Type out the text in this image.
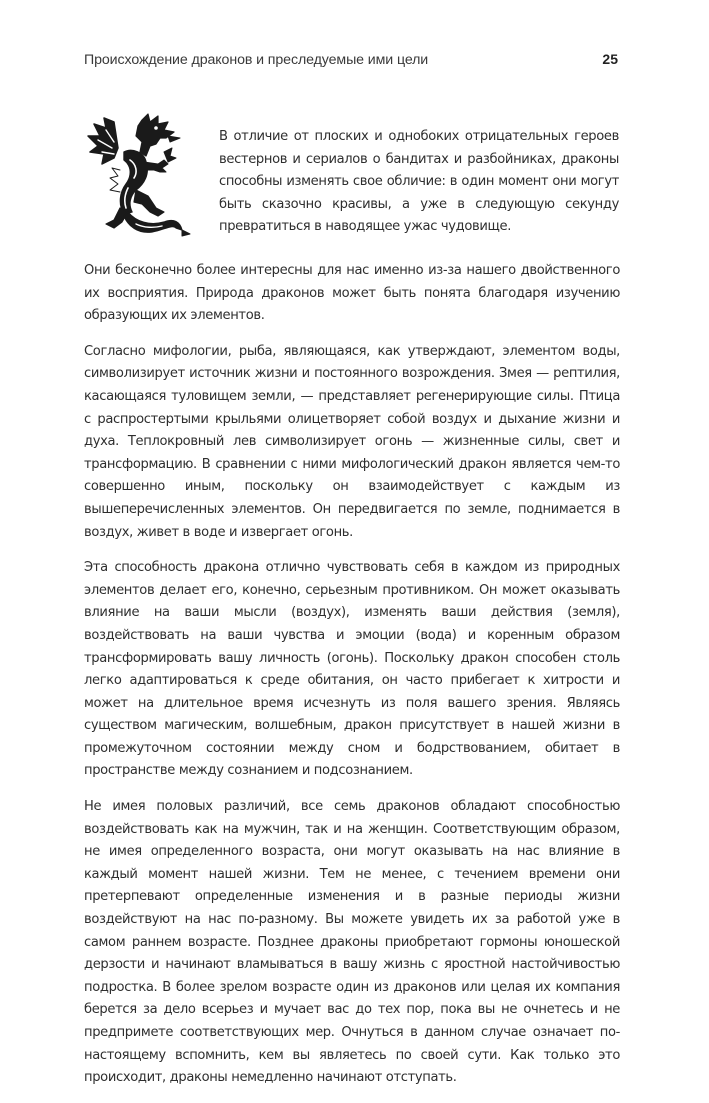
Происхождение драконов и преследуемые ими цели	25
В отличие от плоских и однобоких отрицательных героев вестернов и сериалов о бандитах и разбойниках, драконы способны изменять свое обличие: в один момент они могут быть сказочно красивы, а уже в следующую секунду превратиться в наводящее ужас чудовище.

Они бесконечно более интересны для нас именно из-за нашего двойственного их восприятия. Природа драконов может быть понята благодаря изучению образующих их элементов.

Согласно мифологии, рыба, являющаяся, как утверждают, элементом воды, символизирует источник жизни и постоянного возрождения. Змея — рептилия, касающаяся туловищем земли, — представляет регенерирующие силы. Птица с распростертыми крыльями олицетворяет собой воздух и дыхание жизни и духа. Теплокровный лев символизирует огонь — жизненные силы, свет и трансформацию. В сравнении с ними мифологический дракон является чем-то совершенно иным, поскольку он взаимодействует с каждым из вышеперечисленных элементов. Он передвигается по земле, поднимается в воздух, живет в воде и извергает огонь.

Эта способность дракона отлично чувствовать себя в каждом из природных элементов делает его, конечно, серьезным противником. Он может оказывать влияние на ваши мысли (воздух), изменять ваши действия (земля), воздействовать на ваши чувства и эмоции (вода) и коренным образом трансформировать вашу личность (огонь). Поскольку дракон способен столь легко адаптироваться к среде обитания, он часто прибегает к хитрости и может на длительное время исчезнуть из поля вашего зрения. Являясь существом магическим, волшебным, дракон присутствует в нашей жизни в промежуточном состоянии между сном и бодрствованием, обитает в пространстве между сознанием и подсознанием.

Не имея половых различий, все семь драконов обладают способностью воздействовать как на мужчин, так и на женщин. Соответствующим образом, не имея определенного возраста, они могут оказывать на нас влияние в каждый момент нашей жизни. Тем не менее, с течением времени они претерпевают определенные изменения и в разные периоды жизни воздействуют на нас по-разному. Вы можете увидеть их за работой уже в самом раннем возрасте. Позднее драконы приобретают гормоны юношеской дерзости и начинают вламываться в вашу жизнь с яростной настойчивостью подростка. В более зрелом возрасте один из драконов или целая их компания берется за дело всерьез и мучает вас до тех пор, пока вы не очнетесь и не предпримете соответствующих мер. Очнуться в данном случае означает по-настоящему вспомнить, кем вы являетесь по своей сути. Как только это происходит, драконы немедленно начинают отступать.
